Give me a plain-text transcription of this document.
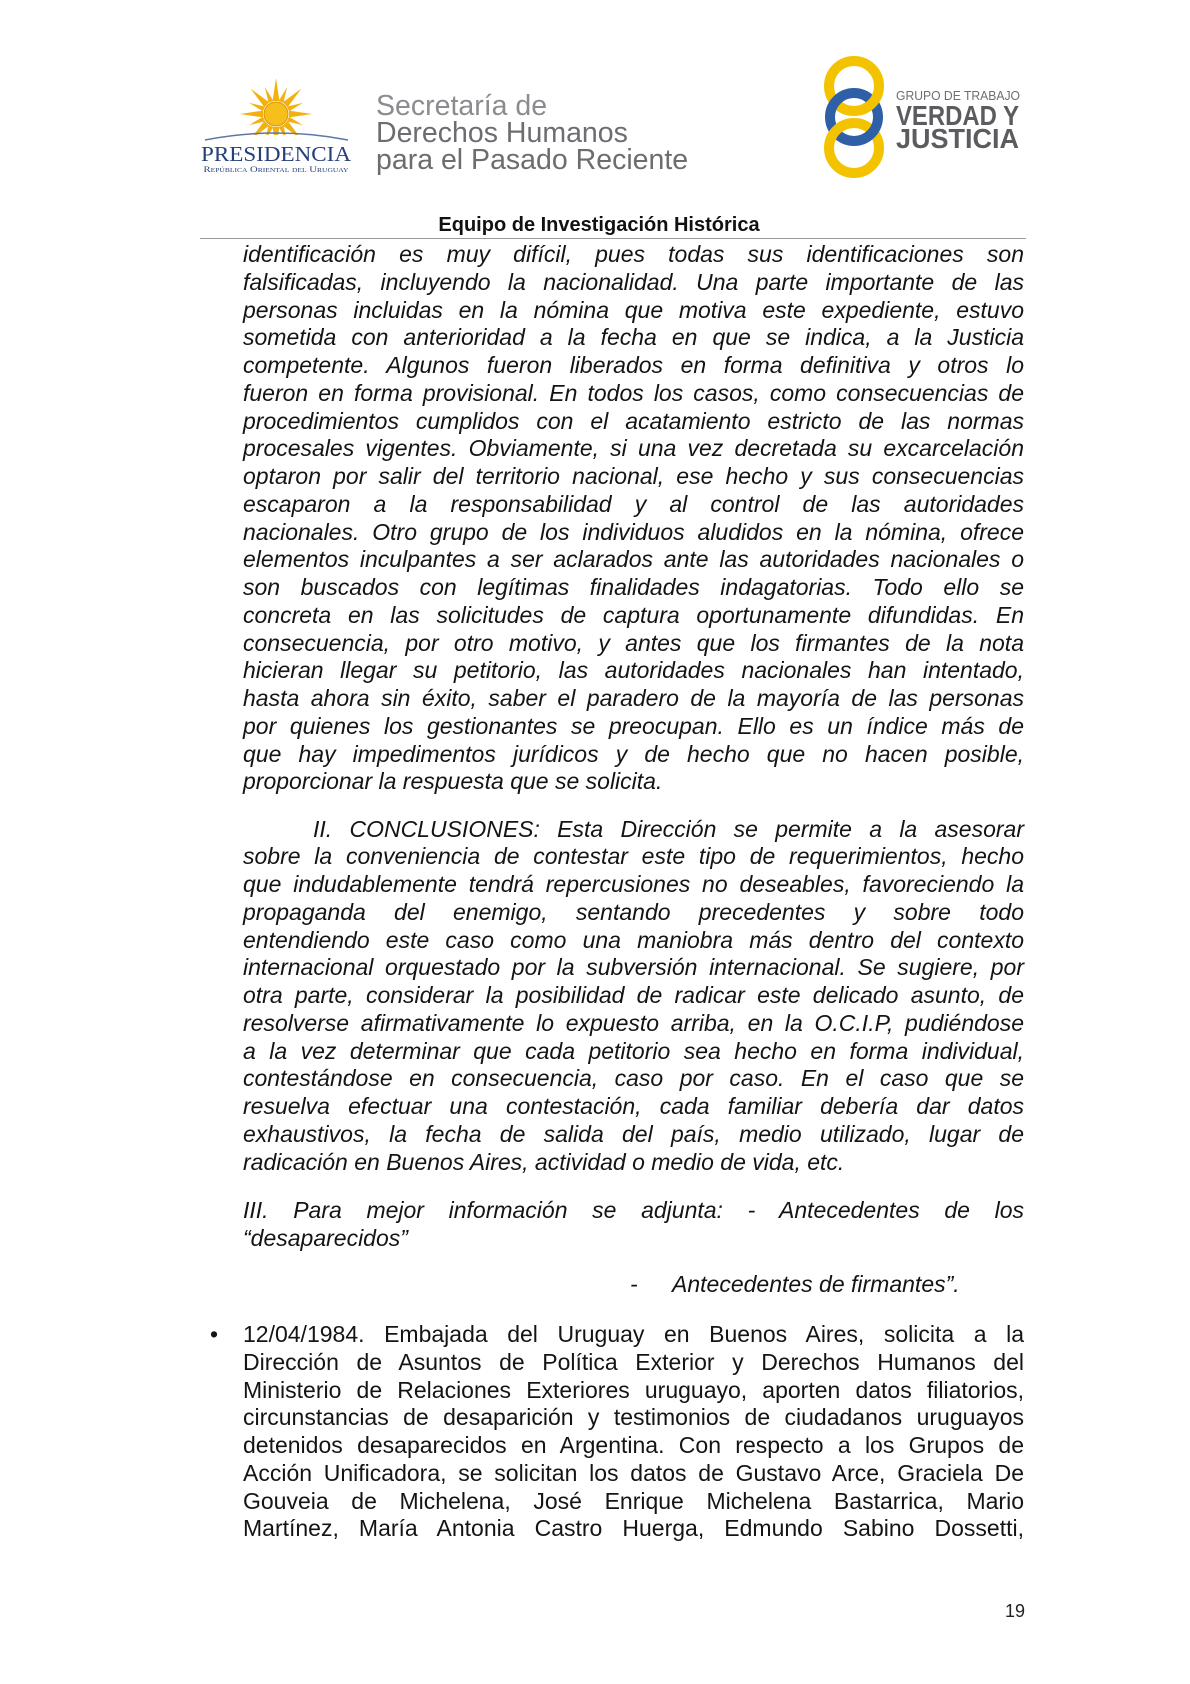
PRESIDENCIA
República Oriental del Uruguay
Secretaría de
Derechos Humanos
para el Pasado Reciente
GRUPO DE TRABAJO
VERDAD Y
JUSTICIA
Equipo de Investigación Histórica
identificación es muy difícil, pues todas sus identificaciones son
falsificadas, incluyendo la nacionalidad. Una parte importante de las
personas incluidas en la nómina que motiva este expediente, estuvo
sometida con anterioridad a la fecha en que se indica, a la Justicia
competente. Algunos fueron liberados en forma definitiva y otros lo
fueron en forma provisional. En todos los casos, como consecuencias de
procedimientos cumplidos con el acatamiento estricto de las normas
procesales vigentes. Obviamente, si una vez decretada su excarcelación
optaron por salir del territorio nacional, ese hecho y sus consecuencias
escaparon a la responsabilidad y al control de las autoridades
nacionales. Otro grupo de los individuos aludidos en la nómina, ofrece
elementos inculpantes a ser aclarados ante las autoridades nacionales o
son buscados con legítimas finalidades indagatorias. Todo ello se
concreta en las solicitudes de captura oportunamente difundidas. En
consecuencia, por otro motivo, y antes que los firmantes de la nota
hicieran llegar su petitorio, las autoridades nacionales han intentado,
hasta ahora sin éxito, saber el paradero de la mayoría de las personas
por quienes los gestionantes se preocupan. Ello es un índice más de
que hay impedimentos jurídicos y de hecho que no hacen posible,
proporcionar la respuesta que se solicita.
II. CONCLUSIONES: Esta Dirección se permite a la asesorar
sobre la conveniencia de contestar este tipo de requerimientos, hecho
que indudablemente tendrá repercusiones no deseables, favoreciendo la
propaganda del enemigo, sentando precedentes y sobre todo
entendiendo este caso como una maniobra más dentro del contexto
internacional orquestado por la subversión internacional. Se sugiere, por
otra parte, considerar la posibilidad de radicar este delicado asunto, de
resolverse afirmativamente lo expuesto arriba, en la O.C.I.P, pudiéndose
a la vez determinar que cada petitorio sea hecho en forma individual,
contestándose en consecuencia, caso por caso. En el caso que se
resuelva efectuar una contestación, cada familiar debería dar datos
exhaustivos, la fecha de salida del país, medio utilizado, lugar de
radicación en Buenos Aires, actividad o medio de vida, etc.
III. Para mejor información se adjunta: - Antecedentes de los
“desaparecidos”
- Antecedentes de firmantes”.
• 12/04/1984. Embajada del Uruguay en Buenos Aires, solicita a la
Dirección de Asuntos de Política Exterior y Derechos Humanos del
Ministerio de Relaciones Exteriores uruguayo, aporten datos filiatorios,
circunstancias de desaparición y testimonios de ciudadanos uruguayos
detenidos desaparecidos en Argentina. Con respecto a los Grupos de
Acción Unificadora, se solicitan los datos de Gustavo Arce, Graciela De
Gouveia de Michelena, José Enrique Michelena Bastarrica, Mario
Martínez, María Antonia Castro Huerga, Edmundo Sabino Dossetti,
19
